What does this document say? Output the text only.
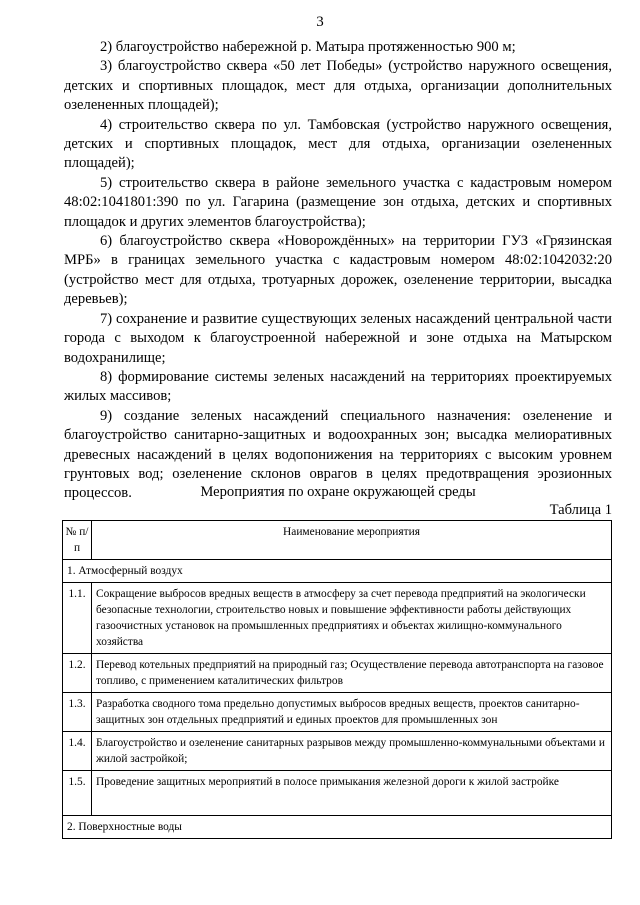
3

2) благоустройство набережной р. Матыра протяженностью 900 м;

3) благоустройство сквера «50 лет Победы» (устройство наружного освещения, детских и спортивных площадок, мест для отдыха, организации дополнительных озелененных площадей);

4) строительство сквера по ул. Тамбовская (устройство наружного освещения, детских и спортивных площадок, мест для отдыха, организации озелененных площадей);

5) строительство сквера в районе земельного участка с кадастровым номером 48:02:1041801:390 по ул. Гагарина (размещение зон отдыха, детских и спортивных площадок и других элементов благоустройства);

6) благоустройство сквера «Новорождённых» на территории ГУЗ «Грязинская МРБ» в границах земельного участка с кадастровым номером 48:02:1042032:20 (устройство мест для отдыха, тротуарных дорожек, озеленение территории, высадка деревьев);

7) сохранение и развитие существующих зеленых насаждений центральной части города с выходом к благоустроенной набережной и зоне отдыха на Матырском водохранилище;

8) формирование системы зеленых насаждений на территориях проектируемых жилых массивов;

9) создание зеленых насаждений специального назначения: озеленение и благоустройство санитарно-защитных и водоохранных зон; высадка мелиоративных древесных насаждений в целях водопонижения на территориях с высоким уровнем грунтовых вод; озеленение склонов оврагов в целях предотвращения эрозионных процессов.	Мероприятия по охране окружающей среды
Таблица 1
№ п/п	Наименование мероприятия
1. Атмосферный воздух	
1.1.	Сокращение выбросов вредных веществ в атмосферу за счет перевода предприятий на экологически безопасные технологии, строительство новых и повышение эффективности работы действующих газоочистных установок на промышленных предприятиях и объектах жилищно-коммунального хозяйства
1.2.	Перевод котельных предприятий на природный газ; Осуществление перевода автотранспорта на газовое топливо, с применением каталитических фильтров
1.3.	Разработка сводного тома предельно допустимых выбросов вредных веществ, проектов санитарно-защитных зон отдельных предприятий и единых проектов для промышленных зон
1.4.	Благоустройство и озеленение санитарных разрывов между промышленно-коммунальными объектами и жилой застройкой;
1.5.	Проведение защитных мероприятий в полосе примыкания железной дороги к жилой застройке
2. Поверхностные воды	
